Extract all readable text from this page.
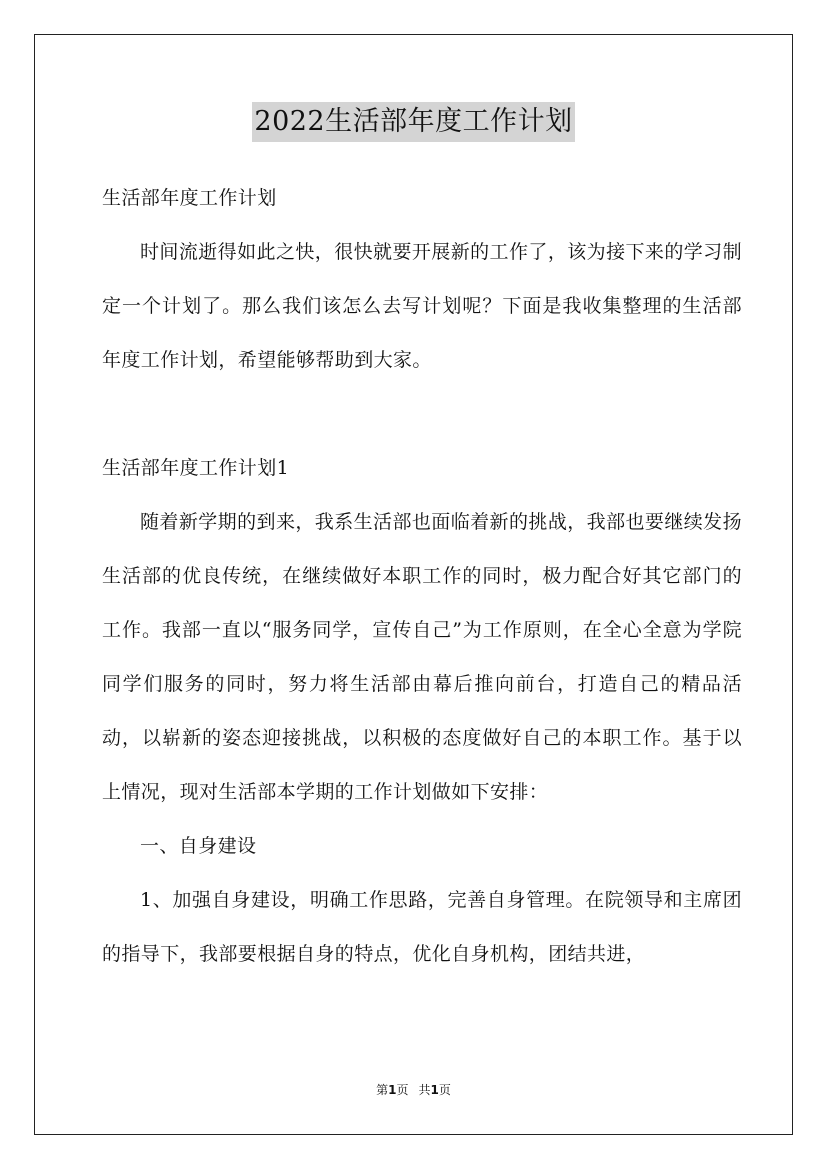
2022生活部年度工作计划

生活部年度工作计划

时间流逝得如此之快，很快就要开展新的工作了，该为接下来的学习制定一个计划了。那么我们该怎么去写计划呢？下面是我收集整理的生活部年度工作计划，希望能够帮助到大家。

生活部年度工作计划1

随着新学期的到来，我系生活部也面临着新的挑战，我部也要继续发扬生活部的优良传统，在继续做好本职工作的同时，极力配合好其它部门的工作。我部一直以“服务同学，宣传自己”为工作原则，在全心全意为学院同学们服务的同时，努力将生活部由幕后推向前台，打造自己的精品活动，以崭新的姿态迎接挑战，以积极的态度做好自己的本职工作。基于以上情况，现对生活部本学期的工作计划做如下安排：

一、自身建设

1、加强自身建设，明确工作思路，完善自身管理。在院领导和主席团的指导下，我部要根据自身的特点，优化自身机构，团结共进，

第1页 共1页
